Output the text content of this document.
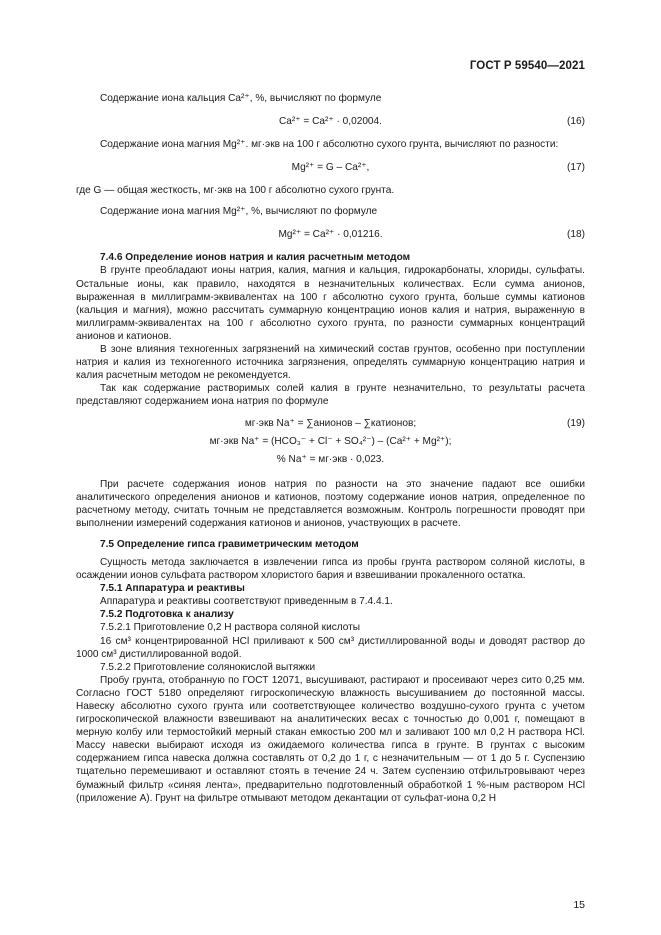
ГОСТ Р 59540—2021

Содержание иона кальция Ca²⁺, %, вычисляют по формуле

Ca²⁺ = Ca²⁺ · 0,02004.	(16)

Содержание иона магния Mg²⁺. мг·экв на 100 г абсолютно сухого грунта, вычисляют по разности:

Mg²⁺ = G – Ca²⁺,	(17)

где G — общая жесткость, мг·экв на 100 г абсолютно сухого грунта.

Содержание иона магния Mg²⁺, %, вычисляют по формуле

Mg²⁺ = Ca²⁺ · 0,01216.	(18)

7.4.6 Определение ионов натрия и калия расчетным методом

В грунте преобладают ионы натрия, калия, магния и кальция, гидрокарбонаты, хлориды, сульфаты. Остальные ионы, как правило, находятся в незначительных количествах. Если сумма анионов, выраженная в миллиграмм-эквивалентах на 100 г абсолютно сухого грунта, больше суммы катионов (кальция и магния), можно рассчитать суммарную концентрацию ионов калия и натрия, выраженную в миллиграмм-эквивалентах на 100 г абсолютно сухого грунта, по разности суммарных концентраций анионов и катионов.

В зоне влияния техногенных загрязнений на химический состав грунтов, особенно при поступлении натрия и калия из техногенного источника загрязнения, определять суммарную концентрацию натрия и калия расчетным методом не рекомендуется.

Так как содержание растворимых солей калия в грунте незначительно, то результаты расчета представляют содержанием иона натрия по формуле

мг·экв Na⁺ = ∑анионов – ∑катионов;	(19)
мг·экв Na⁺ = (HCO₃⁻ + Cl⁻ + SO₄²⁻) – (Ca²⁺ + Mg²⁺);
% Na⁺ = мг·экв · 0,023.

При расчете содержания ионов натрия по разности на это значение падают все ошибки аналитического определения анионов и катионов, поэтому содержание ионов натрия, определенное по расчетному методу, считать точным не представляется возможным. Контроль погрешности проводят при выполнении измерений содержания катионов и анионов, участвующих в расчете.

7.5 Определение гипса гравиметрическим методом

Сущность метода заключается в извлечении гипса из пробы грунта раствором соляной кислоты, в осаждении ионов сульфата раствором хлористого бария и взвешивании прокаленного остатка.

7.5.1 Аппаратура и реактивы

Аппаратура и реактивы соответствуют приведенным в 7.4.4.1.

7.5.2 Подготовка к анализу

7.5.2.1 Приготовление 0,2 Н раствора соляной кислоты

16 см³ концентрированной HCl приливают к 500 см³ дистиллированной воды и доводят раствор до 1000 см³ дистиллированной водой.

7.5.2.2 Приготовление солянокислой вытяжки

Пробу грунта, отобранную по ГОСТ 12071, высушивают, растирают и просеивают через сито 0,25 мм. Согласно ГОСТ 5180 определяют гигроскопическую влажность высушиванием до постоянной массы. Навеску абсолютно сухого грунта или соответствующее количество воздушно-сухого грунта с учетом гигроскопической влажности взвешивают на аналитических весах с точностью до 0,001 г, помещают в мерную колбу или термостойкий мерный стакан емкостью 200 мл и заливают 100 мл 0,2 Н раствора HCl. Массу навески выбирают исходя из ожидаемого количества гипса в грунте. В грунтах с высоким содержанием гипса навеска должна составлять от 0,2 до 1 г, с незначительным — от 1 до 5 г. Суспензию тщательно перемешивают и оставляют стоять в течение 24 ч. Затем суспензию отфильтровывают через бумажный фильтр «синяя лента», предварительно подготовленный обработкой 1 %-ным раствором HCl (приложение А). Грунт на фильтре отмывают методом декантации от сульфат-иона 0,2 Н

15
